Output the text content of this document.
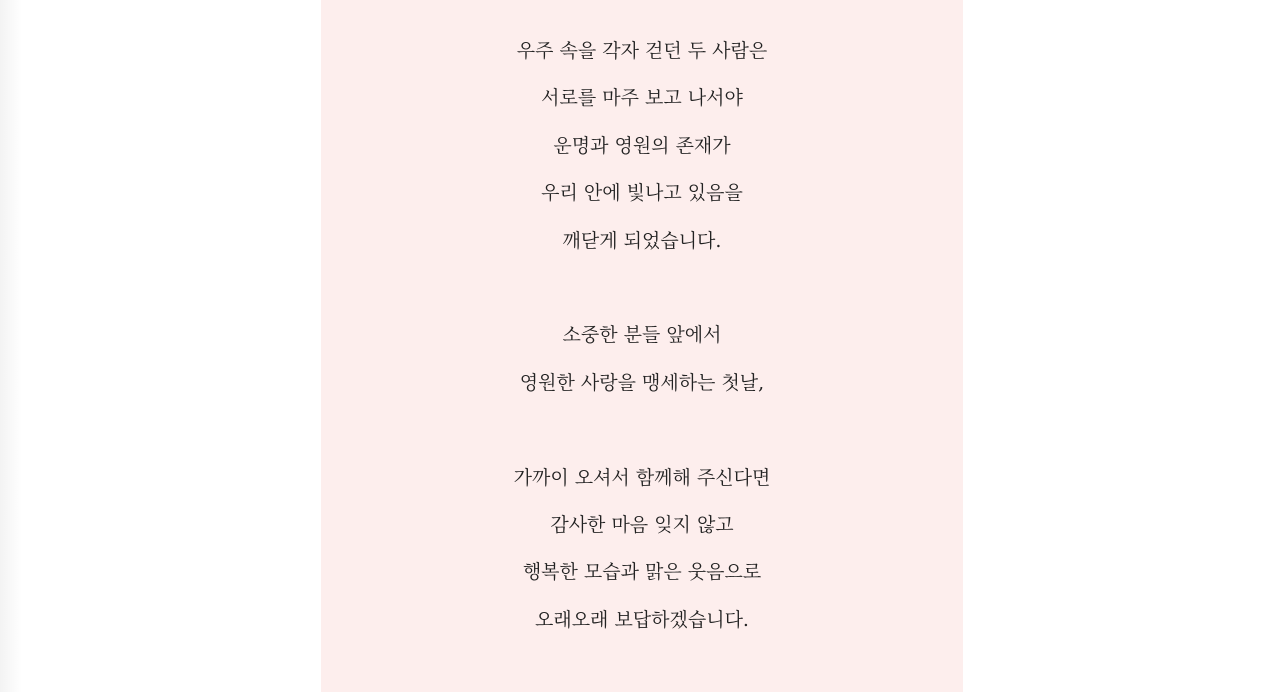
우주 속을 각자 걷던 두 사람은
서로를 마주 보고 나서야
운명과 영원의 존재가
우리 안에 빛나고 있음을
깨닫게 되었습니다.
소중한 분들 앞에서
영원한 사랑을 맹세하는 첫날,
가까이 오셔서 함께해 주신다면
감사한 마음 잊지 않고
행복한 모습과 맑은 웃음으로
오래오래 보답하겠습니다.
